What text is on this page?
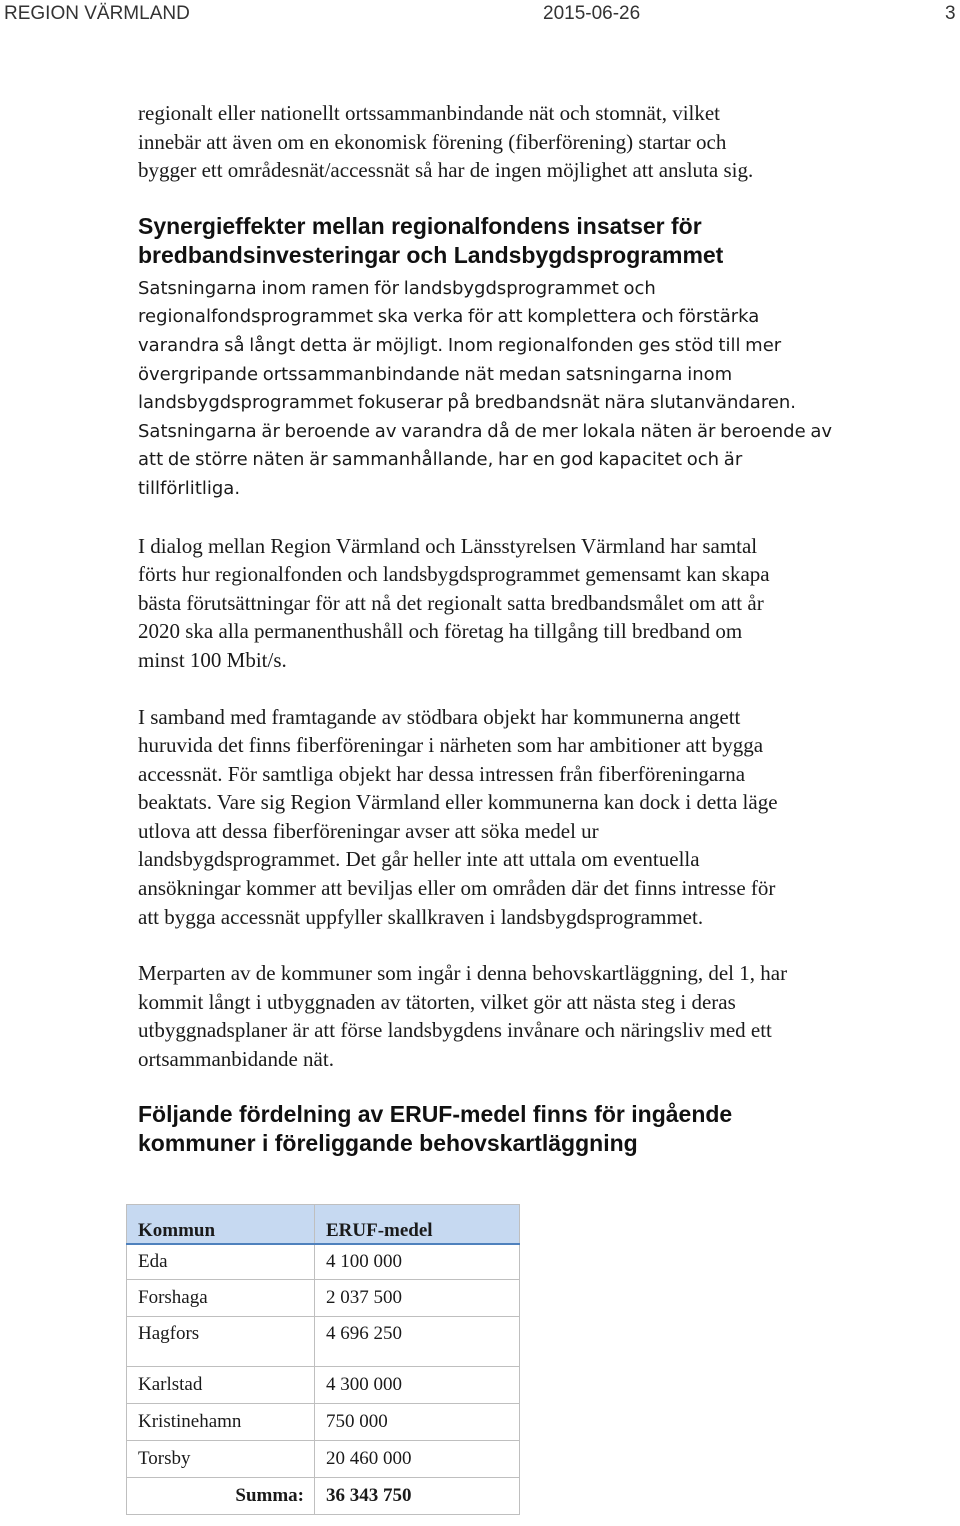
REGION VÄRMLAND	2015-06-26	3

regionalt eller nationellt ortssammanbindande nät och stomnät, vilket

innebär att även om en ekonomisk förening (fiberförening) startar och

bygger ett områdesnät/accessnät så har de ingen möjlighet att ansluta sig.

Synergieffekter mellan regionalfondens insatser för
bredbandsinvesteringar och Landsbygdsprogrammet

Satsningarna inom ramen för landsbygdsprogrammet och

regionalfondsprogrammet ska verka för att komplettera och förstärka

varandra så långt detta är möjligt. Inom regionalfonden ges stöd till mer

övergripande ortssammanbindande nät medan satsningarna inom

landsbygdsprogrammet fokuserar på bredbandsnät nära slutanvändaren.

Satsningarna är beroende av varandra då de mer lokala näten är beroende av

att de större näten är sammanhållande, har en god kapacitet och är

tillförlitliga.

I dialog mellan Region Värmland och Länsstyrelsen Värmland har samtal

förts hur regionalfonden och landsbygdsprogrammet gemensamt kan skapa

bästa förutsättningar för att nå det regionalt satta bredbandsmålet om att år

2020 ska alla permanenthushåll och företag ha tillgång till bredband om

minst 100 Mbit/s.

I samband med framtagande av stödbara objekt har kommunerna angett

huruvida det finns fiberföreningar i närheten som har ambitioner att bygga

accessnät. För samtliga objekt har dessa intressen från fiberföreningarna

beaktats. Vare sig Region Värmland eller kommunerna kan dock i detta läge

utlova att dessa fiberföreningar avser att söka medel ur

landsbygdsprogrammet. Det går heller inte att uttala om eventuella

ansökningar kommer att beviljas eller om områden där det finns intresse för

att bygga accessnät uppfyller skallkraven i landsbygdsprogrammet.

Merparten av de kommuner som ingår i denna behovskartläggning, del 1, har

kommit långt i utbyggnaden av tätorten, vilket gör att nästa steg i deras

utbyggnadsplaner är att förse landsbygdens invånare och näringsliv med ett

ortsammanbidande nät.

Följande fördelning av ERUF-medel finns för ingående
kommuner i föreliggande behovskartläggning
Kommun	ERUF-medel
Eda	4 100 000
Forshaga	2 037 500
Hagfors	4 696 250
Karlstad	4 300 000
Kristinehamn	750 000
Torsby	20 460 000
Summa:	36 343 750
